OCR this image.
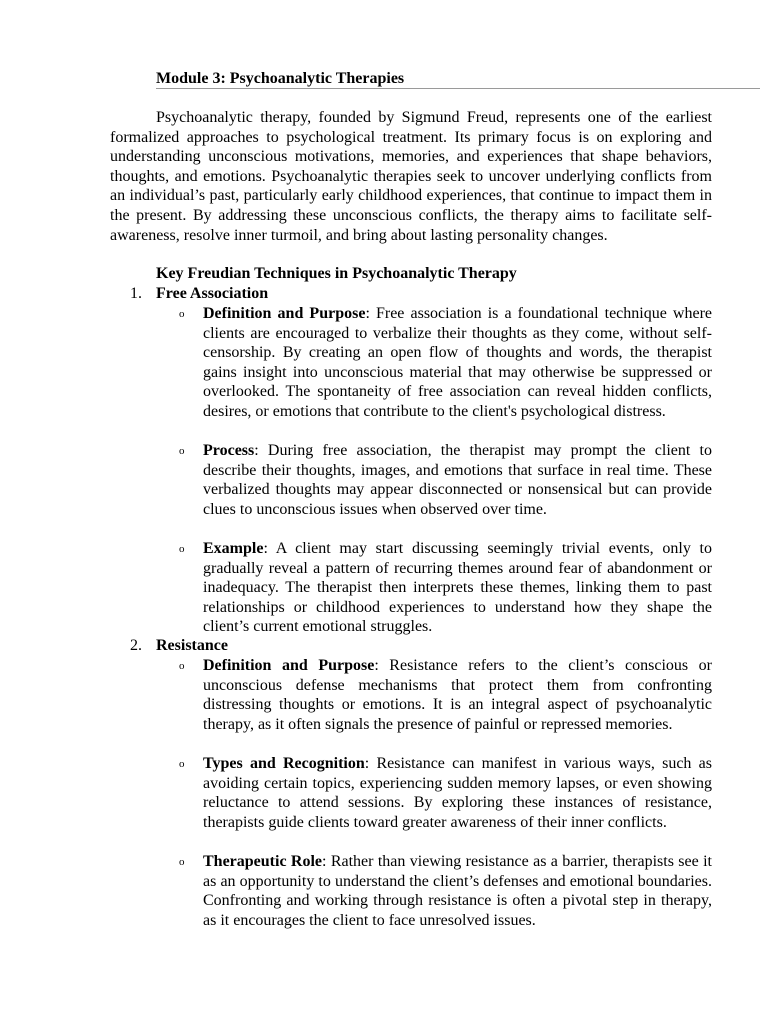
Module 3: Psychoanalytic Therapies

Psychoanalytic therapy, founded by Sigmund Freud, represents one of the earliest formalized approaches to psychological treatment. Its primary focus is on exploring and understanding unconscious motivations, memories, and experiences that shape behaviors, thoughts, and emotions. Psychoanalytic therapies seek to uncover underlying conflicts from an individual’s past, particularly early childhood experiences, that continue to impact them in the present. By addressing these unconscious conflicts, the therapy aims to facilitate self-awareness, resolve inner turmoil, and bring about lasting personality changes.

Key Freudian Techniques in Psychoanalytic Therapy
1. Free Association

o Definition and Purpose: Free association is a foundational technique where clients are encouraged to verbalize their thoughts as they come, without self-censorship. By creating an open flow of thoughts and words, the therapist gains insight into unconscious material that may otherwise be suppressed or overlooked. The spontaneity of free association can reveal hidden conflicts, desires, or emotions that contribute to the client's psychological distress.

o Process: During free association, the therapist may prompt the client to describe their thoughts, images, and emotions that surface in real time. These verbalized thoughts may appear disconnected or nonsensical but can provide clues to unconscious issues when observed over time.

o Example: A client may start discussing seemingly trivial events, only to gradually reveal a pattern of recurring themes around fear of abandonment or inadequacy. The therapist then interprets these themes, linking them to past relationships or childhood experiences to understand how they shape the client’s current emotional struggles.

2. Resistance

o Definition and Purpose: Resistance refers to the client’s conscious or unconscious defense mechanisms that protect them from confronting distressing thoughts or emotions. It is an integral aspect of psychoanalytic therapy, as it often signals the presence of painful or repressed memories.

o Types and Recognition: Resistance can manifest in various ways, such as avoiding certain topics, experiencing sudden memory lapses, or even showing reluctance to attend sessions. By exploring these instances of resistance, therapists guide clients toward greater awareness of their inner conflicts.

o Therapeutic Role: Rather than viewing resistance as a barrier, therapists see it as an opportunity to understand the client’s defenses and emotional boundaries. Confronting and working through resistance is often a pivotal step in therapy, as it encourages the client to face unresolved issues.
